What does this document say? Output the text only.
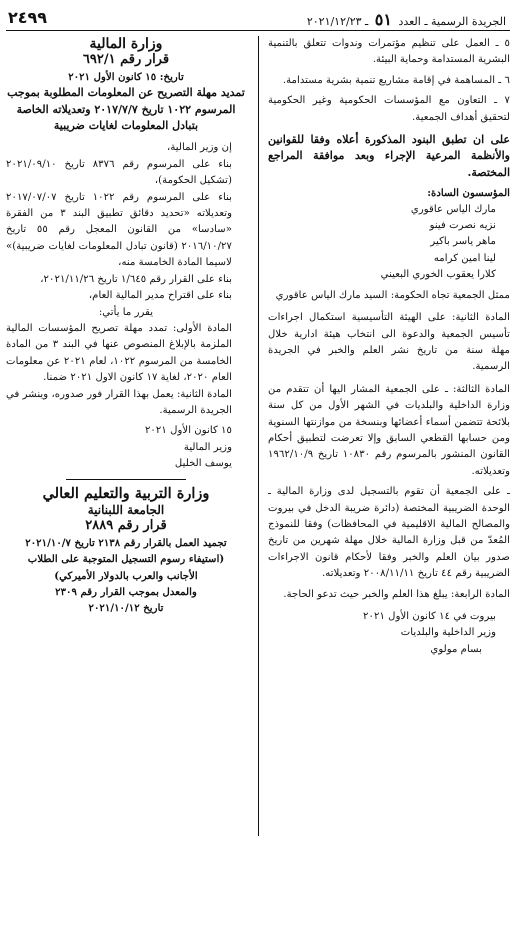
٢٤٩٩	الجريدة الرسمية ـ العدد ٥١ ـ ٢٠٢١/١٢/٢٣

٥ ـ العمل على تنظيم مؤتمرات وندوات تتعلق بالتنمية البشرية المستدامة وحماية البيئة.

٦ ـ المساهمة في إقامة مشاريع تنمية بشرية مستدامة.

٧ ـ التعاون مع المؤسسات الحكومية وغير الحكومية لتحقيق أهداف الجمعية.

على ان تطبق البنود المذكورة أعلاه وفقا للقوانين والأنظمة المرعية الإجراء وبعد موافقة المراجع المختصة.

المؤسسون السادة:

مارك الياس عاقوري

نزيه نصرت فينو

ماهر ياسر باكير

لينا امين كرامه

كلارا يعقوب الخوري البعيني

ممثل الجمعية تجاه الحكومة: السيد مارك الياس عاقوري

المادة الثانية: على الهيئة التأسيسية استكمال اجراءات تأسيس الجمعية والدعوة الى انتخاب هيئة ادارية خلال مهلة سنة من تاريخ نشر العلم والخبر في الجريدة الرسمية.

المادة الثالثة: ـ على الجمعية المشار اليها أن تتقدم من وزارة الداخلية والبلديات في الشهر الأول من كل سنة بلائحة تتضمن أسماء أعضائها وبنسخة من موازنتها السنوية ومن حسابها القطعي السابق وإلا تعرضت لتطبيق أحكام القانون المنشور بالمرسوم رقم ١٠٨٣٠ تاريخ ١٩٦٢/١٠/٩ وتعديلاته.

ـ على الجمعية أن تقوم بالتسجيل لدى وزارة المالية ـ الوحدة الضريبية المختصة (دائرة ضريبة الدخل في بيروت والمصالح المالية الاقليمية في المحافظات) وفقا للنموذج المُعدّ من قبل وزارة المالية خلال مهلة شهرين من تاريخ صدور بيان العلم والخبر وفقا لأحكام قانون الاجراءات الضريبية رقم ٤٤ تاريخ ٢٠٠٨/١١/١١ وتعديلاته.

المادة الرابعة: يبلغ هذا العلم والخبر حيث تدعو الحاجة.

بيروت في ١٤ كانون الأول ٢٠٢١

وزير الداخلية والبلديات

بسام مولوي

وزارة المالية

قرار رقم ٦٩٢/١

تاريخ: ١٥ كانون الأول ٢٠٢١

تمديد مهلة التصريح عن المعلومات المطلوبة بموجب المرسوم ١٠٢٢ تاريخ ٢٠١٧/٧/٧ وتعديلاته الخاصة بتبادل المعلومات لغايات ضريبية

إن وزير المالية،

بناء على المرسوم رقم ٨٣٧٦ تاريخ ٢٠٢١/٠٩/١٠ (تشكيل الحكومة)،

بناء على المرسوم رقم ١٠٢٢ تاريخ ٢٠١٧/٠٧/٠٧ وتعديلاته «تحديد دقائق تطبيق البند ٣ من الفقرة «سادسا» من القانون المعجل رقم ٥٥ تاريخ ٢٠١٦/١٠/٢٧ (قانون تبادل المعلومات لغايات ضريبية)» لاسيما المادة الخامسة منه،

بناء على القرار رقم ١/٦٤٥ تاريخ ٢٠٢١/١١/٢٦،

بناء على اقتراح مدير المالية العام،

يقرر ما يأتي:

المادة الأولى: تمدد مهلة تصريح المؤسسات المالية الملزمة بالإبلاغ المنصوص عنها في البند ٣ من المادة الخامسة من المرسوم ١٠٢٢، لعام ٢٠٢١ عن معلومات العام ٢٠٢٠، لغاية ١٧ كانون الاول ٢٠٢١ ضمنا.

المادة الثانية: يعمل بهذا القرار فور صدوره، وينشر في الجريدة الرسمية.

١٥ كانون الأول ٢٠٢١

وزير المالية

يوسف الخليل

وزارة التربية والتعليم العالي

الجامعة اللبنانية

قرار رقم ٢٨٨٩

تجميد العمل بالقرار رقم ٢١٣٨ تاريخ ٢٠٢١/١٠/٧

(استيفاء رسوم التسجيل المتوجبة على الطلاب

الأجانب والعرب بالدولار الأميركي)

والمعدل بموجب القرار رقم ٢٣٠٩

تاريخ ٢٠٢١/١٠/١٢
